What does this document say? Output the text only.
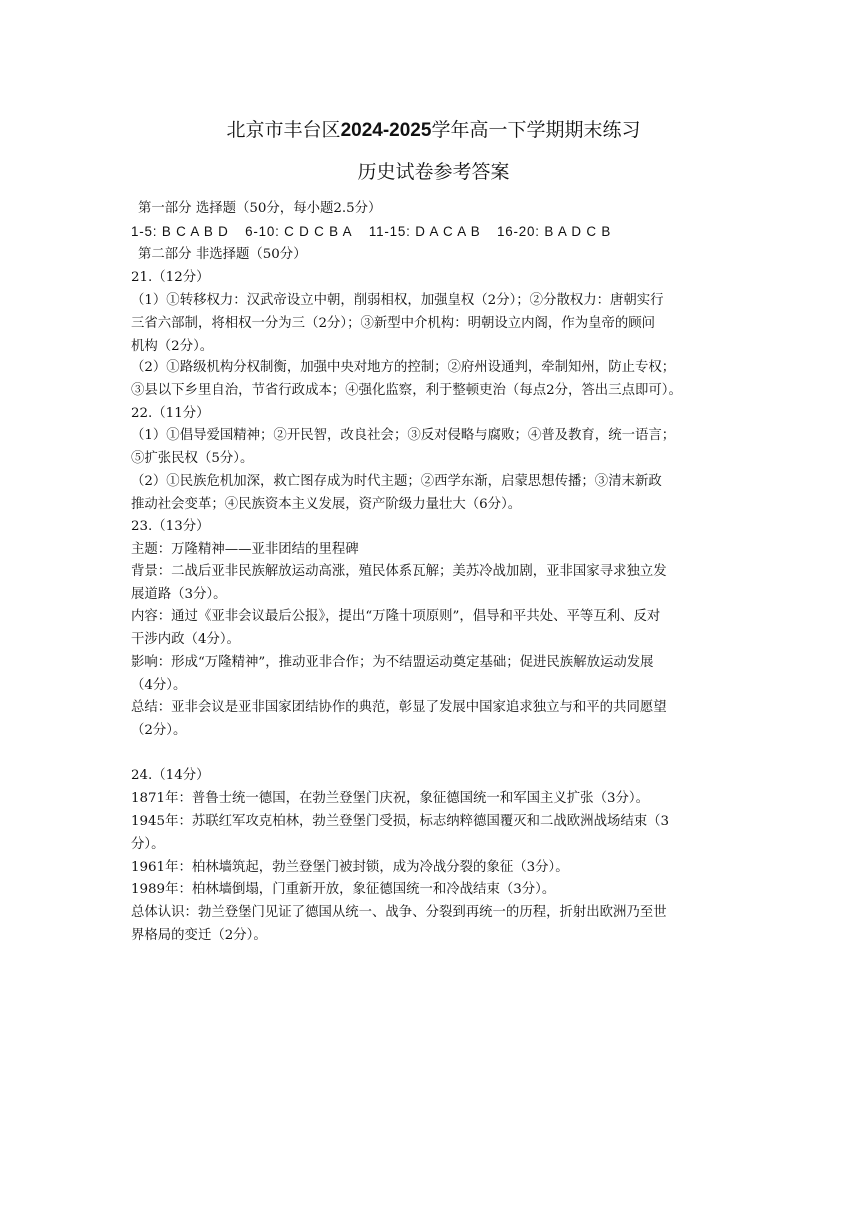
北京市丰台区2024-2025学年高一下学期期末练习
历史试卷参考答案
第一部分 选择题（50分，每小题2.5分）
1-5: B C A B D 6-10: C D C B A 11-15: D A C A B 16-20: B A D C B
第二部分 非选择题（50分）
21.（12分）
（1）①转移权力：汉武帝设立中朝，削弱相权，加强皇权（2分）；②分散权力：唐朝实行
三省六部制，将相权一分为三（2分）；③新型中介机构：明朝设立内阁，作为皇帝的顾问
机构（2分）。
（2）①路级机构分权制衡，加强中央对地方的控制；②府州设通判，牵制知州，防止专权；
③县以下乡里自治，节省行政成本；④强化监察，利于整顿吏治（每点2分，答出三点即可）。
22.（11分）
（1）①倡导爱国精神；②开民智，改良社会；③反对侵略与腐败；④普及教育，统一语言；
⑤扩张民权（5分）。
（2）①民族危机加深，救亡图存成为时代主题；②西学东渐，启蒙思想传播；③清末新政
推动社会变革；④民族资本主义发展，资产阶级力量壮大（6分）。
23.（13分）
主题：万隆精神——亚非团结的里程碑
背景：二战后亚非民族解放运动高涨，殖民体系瓦解；美苏冷战加剧，亚非国家寻求独立发
展道路（3分）。
内容：通过《亚非会议最后公报》，提出“万隆十项原则”，倡导和平共处、平等互利、反对
干涉内政（4分）。
影响：形成“万隆精神”，推动亚非合作；为不结盟运动奠定基础；促进民族解放运动发展
（4分）。
总结：亚非会议是亚非国家团结协作的典范，彰显了发展中国家追求独立与和平的共同愿望
（2分）。
24.（14分）
1871年：普鲁士统一德国，在勃兰登堡门庆祝，象征德国统一和军国主义扩张（3分）。
1945年：苏联红军攻克柏林，勃兰登堡门受损，标志纳粹德国覆灭和二战欧洲战场结束（3
分）。
1961年：柏林墙筑起，勃兰登堡门被封锁，成为冷战分裂的象征（3分）。
1989年：柏林墙倒塌，门重新开放，象征德国统一和冷战结束（3分）。
总体认识：勃兰登堡门见证了德国从统一、战争、分裂到再统一的历程，折射出欧洲乃至世
界格局的变迁（2分）。
